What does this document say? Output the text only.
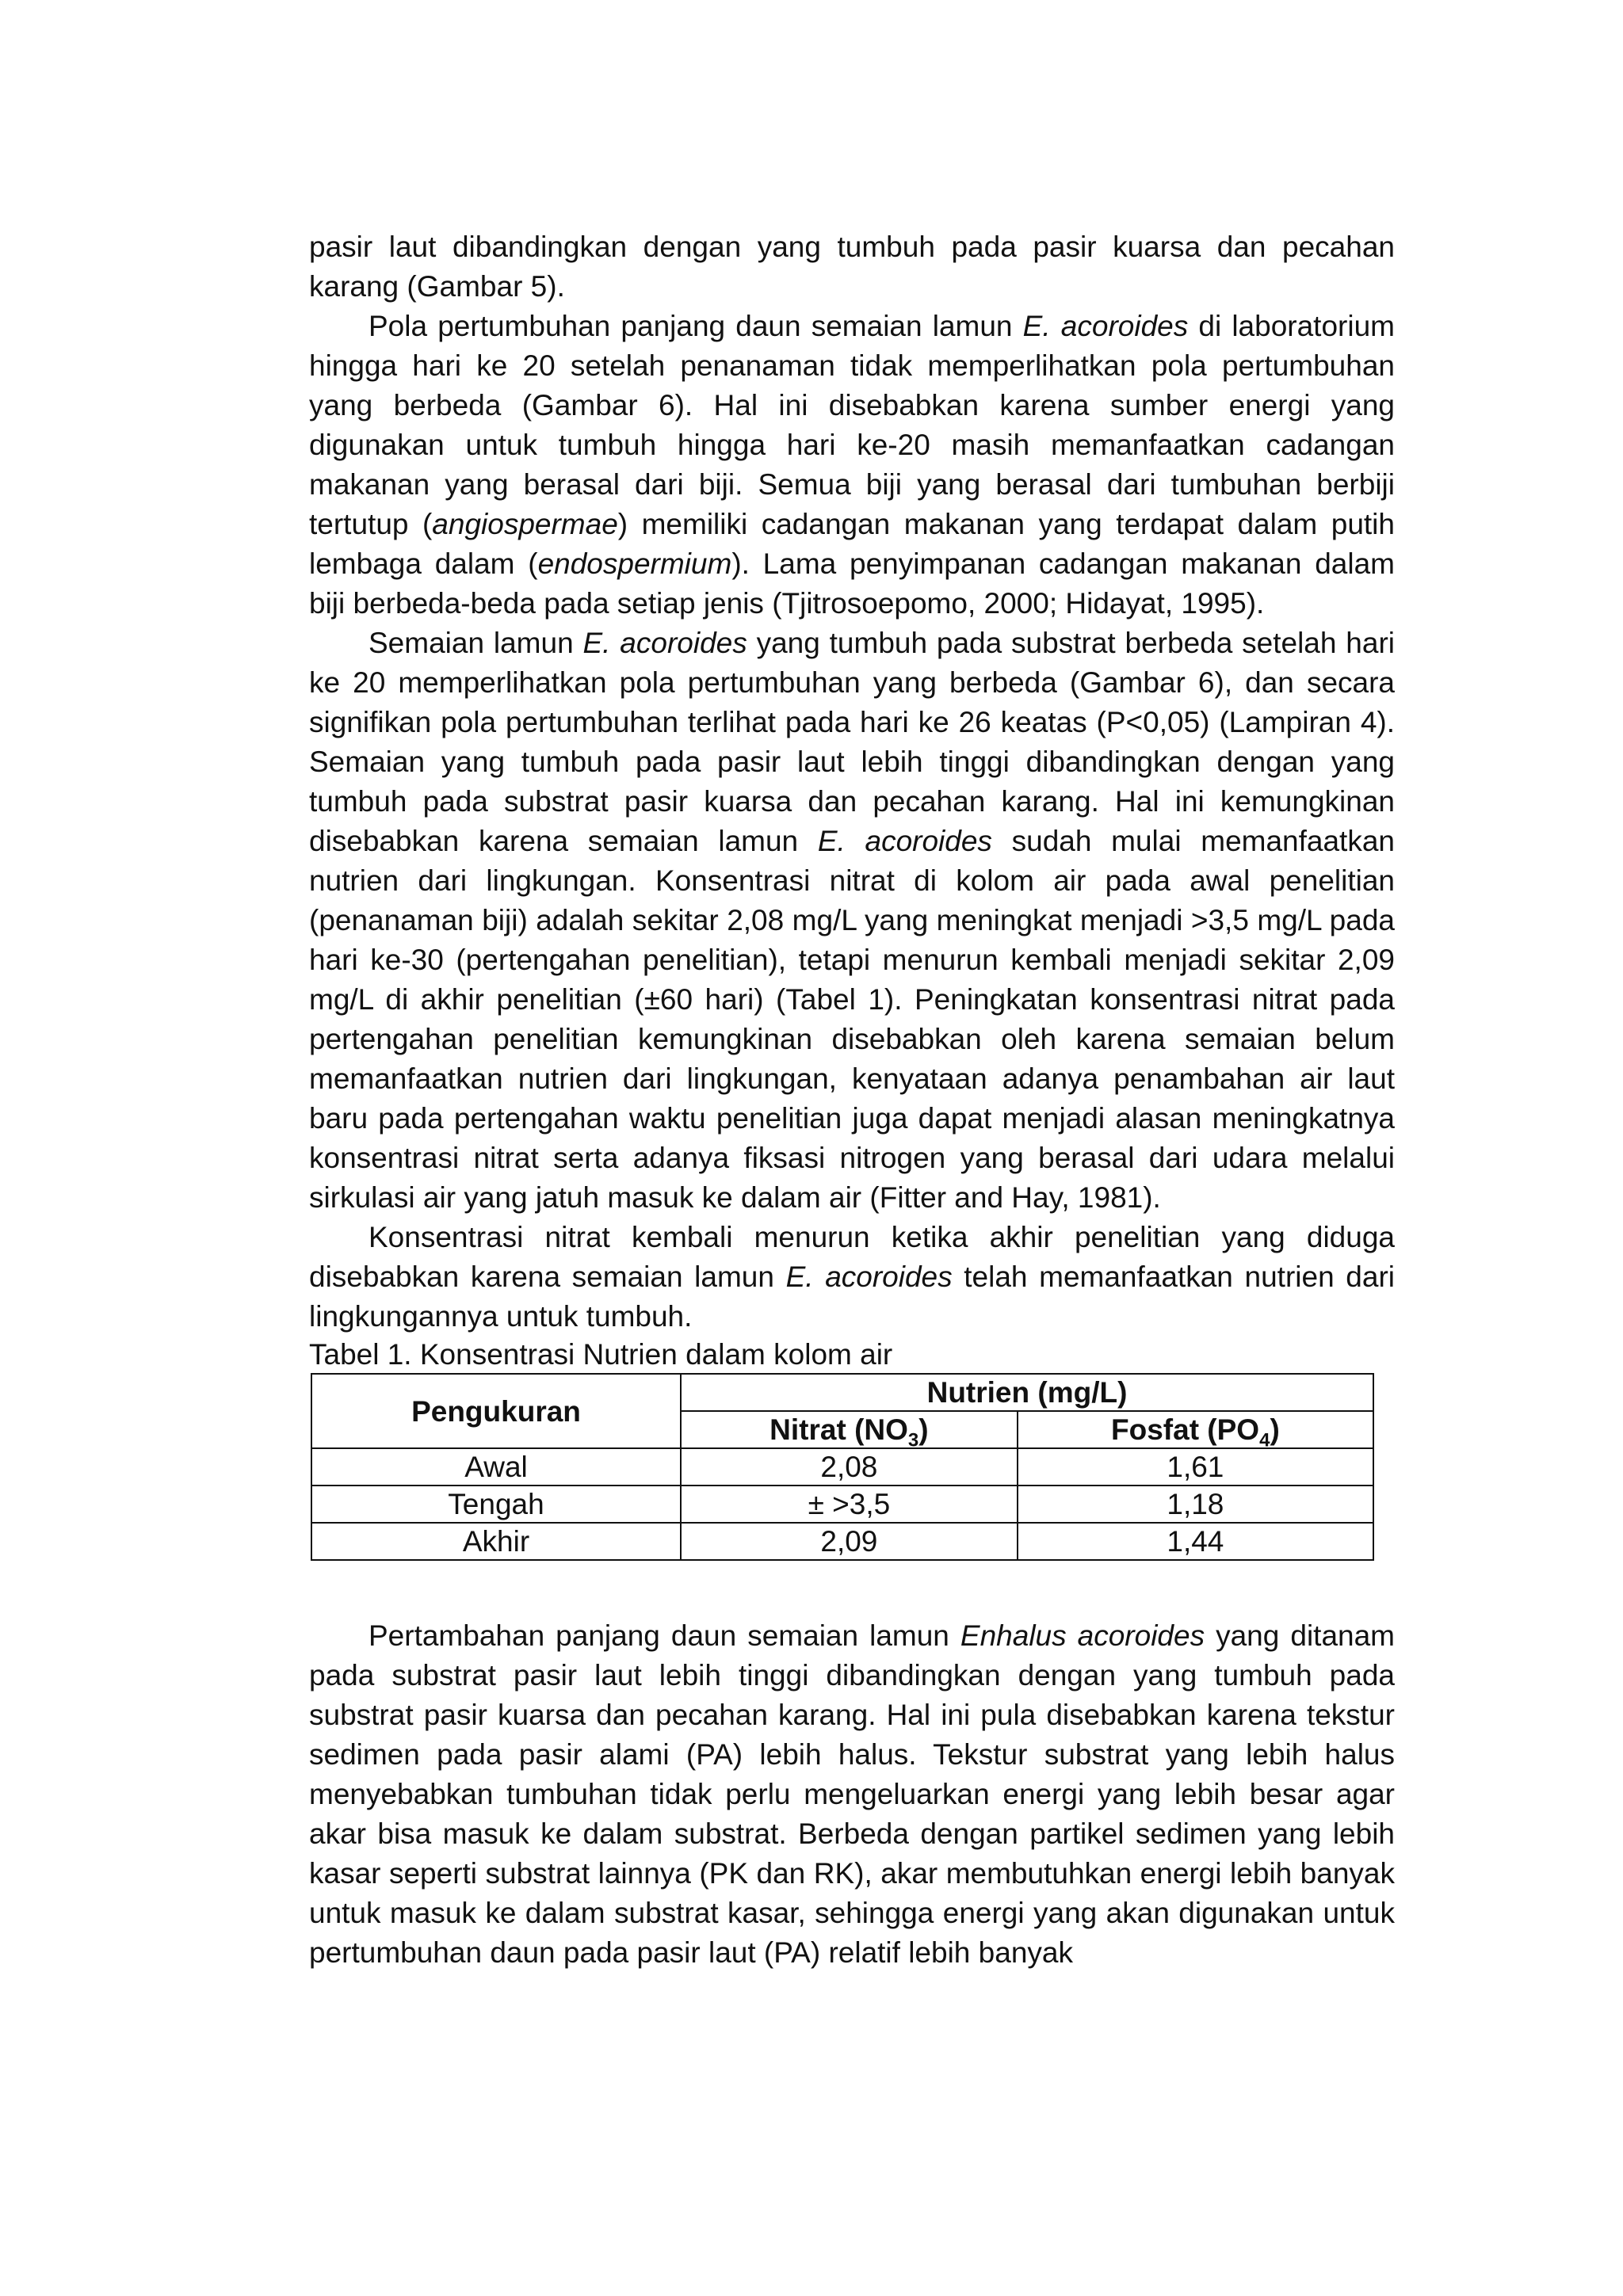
pasir laut dibandingkan dengan yang tumbuh pada pasir kuarsa dan pecahan karang (Gambar 5).

Pola pertumbuhan panjang daun semaian lamun E. acoroides di laboratorium hingga hari ke 20 setelah penanaman tidak memperlihatkan pola pertumbuhan yang berbeda (Gambar 6). Hal ini disebabkan karena sumber energi yang digunakan untuk tumbuh hingga hari ke-20 masih memanfaatkan cadangan makanan yang berasal dari biji. Semua biji yang berasal dari tumbuhan berbiji tertutup (angiospermae) memiliki cadangan makanan yang terdapat dalam putih lembaga dalam (endospermium). Lama penyimpanan cadangan makanan dalam biji berbeda-beda pada setiap jenis (Tjitrosoepomo, 2000; Hidayat, 1995).

Semaian lamun E. acoroides yang tumbuh pada substrat berbeda setelah hari ke 20 memperlihatkan pola pertumbuhan yang berbeda (Gambar 6), dan secara signifikan pola pertumbuhan terlihat pada hari ke 26 keatas (P<0,05) (Lampiran 4). Semaian yang tumbuh pada pasir laut lebih tinggi dibandingkan dengan yang tumbuh pada substrat pasir kuarsa dan pecahan karang. Hal ini kemungkinan disebabkan karena semaian lamun E. acoroides sudah mulai memanfaatkan nutrien dari lingkungan. Konsentrasi nitrat di kolom air pada awal penelitian (penanaman biji) adalah sekitar 2,08 mg/L yang meningkat menjadi >3,5 mg/L pada hari ke-30 (pertengahan penelitian), tetapi menurun kembali menjadi sekitar 2,09 mg/L di akhir penelitian (±60 hari) (Tabel 1). Peningkatan konsentrasi nitrat pada pertengahan penelitian kemungkinan disebabkan oleh karena semaian belum memanfaatkan nutrien dari lingkungan, kenyataan adanya penambahan air laut baru pada pertengahan waktu penelitian juga dapat menjadi alasan meningkatnya konsentrasi nitrat serta adanya fiksasi nitrogen yang berasal dari udara melalui sirkulasi air yang jatuh masuk ke dalam air (Fitter and Hay, 1981).

Konsentrasi nitrat kembali menurun ketika akhir penelitian yang diduga disebabkan karena semaian lamun E. acoroides telah memanfaatkan nutrien dari lingkungannya untuk tumbuh.

Tabel 1. Konsentrasi Nutrien dalam kolom air

Pengukuran	Nutrien (mg/L)	
	Nitrat $(NO_3)$	Fosfat $(PO_4)$
Awal	2,08	1,61
Tengah	± >3,5	1,18
Akhir	2,09	1,44

Pertambahan panjang daun semaian lamun Enhalus acoroides yang ditanam pada substrat pasir laut lebih tinggi dibandingkan dengan yang tumbuh pada substrat pasir kuarsa dan pecahan karang. Hal ini pula disebabkan karena tekstur sedimen pada pasir alami (PA) lebih halus. Tekstur substrat yang lebih halus menyebabkan tumbuhan tidak perlu mengeluarkan energi yang lebih besar agar akar bisa masuk ke dalam substrat. Berbeda dengan partikel sedimen yang lebih kasar seperti substrat lainnya (PK dan RK), akar membutuhkan energi lebih banyak untuk masuk ke dalam substrat kasar, sehingga energi yang akan digunakan untuk pertumbuhan daun pada pasir laut (PA) relatif lebih banyak
